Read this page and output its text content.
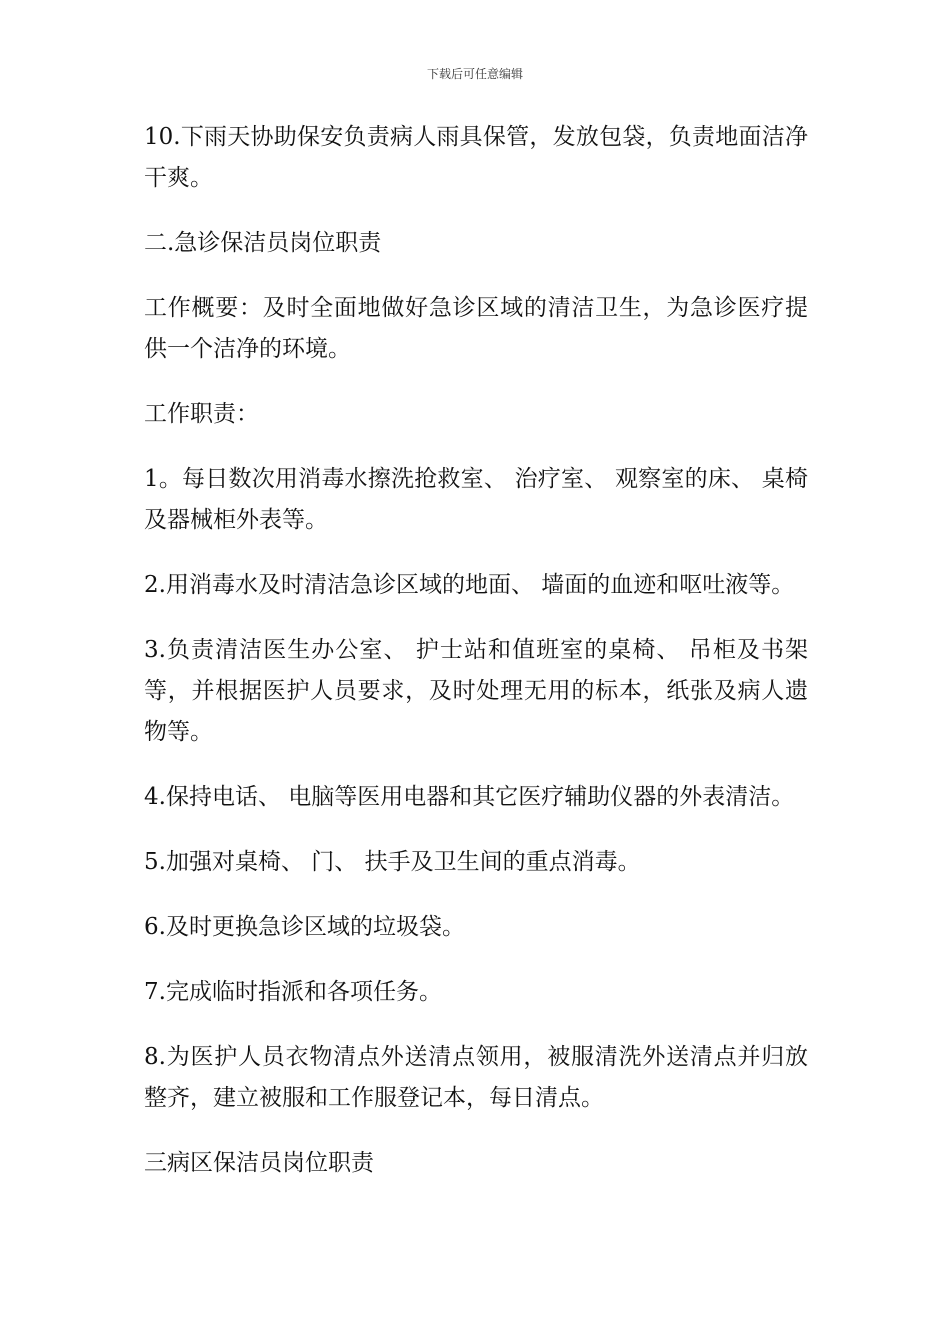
下载后可任意编辑

10.下雨天协助保安负责病人雨具保管，发放包袋，负责地面洁净干爽。

二.急诊保洁员岗位职责

工作概要：及时全面地做好急诊区域的清洁卫生，为急诊医疗提供一个洁净的环境。

工作职责：

1。每日数次用消毒水擦洗抢救室、 治疗室、 观察室的床、 桌椅及器械柜外表等。

2.用消毒水及时清洁急诊区域的地面、 墙面的血迹和呕吐液等。

3.负责清洁医生办公室、 护士站和值班室的桌椅、 吊柜及书架等，并根据医护人员要求，及时处理无用的标本，纸张及病人遗物等。

4.保持电话、 电脑等医用电器和其它医疗辅助仪器的外表清洁。

5.加强对桌椅、 门、 扶手及卫生间的重点消毒。

6.及时更换急诊区域的垃圾袋。

7.完成临时指派和各项任务。

8.为医护人员衣物清点外送清点领用，被服清洗外送清点并归放整齐，建立被服和工作服登记本，每日清点。

三病区保洁员岗位职责
